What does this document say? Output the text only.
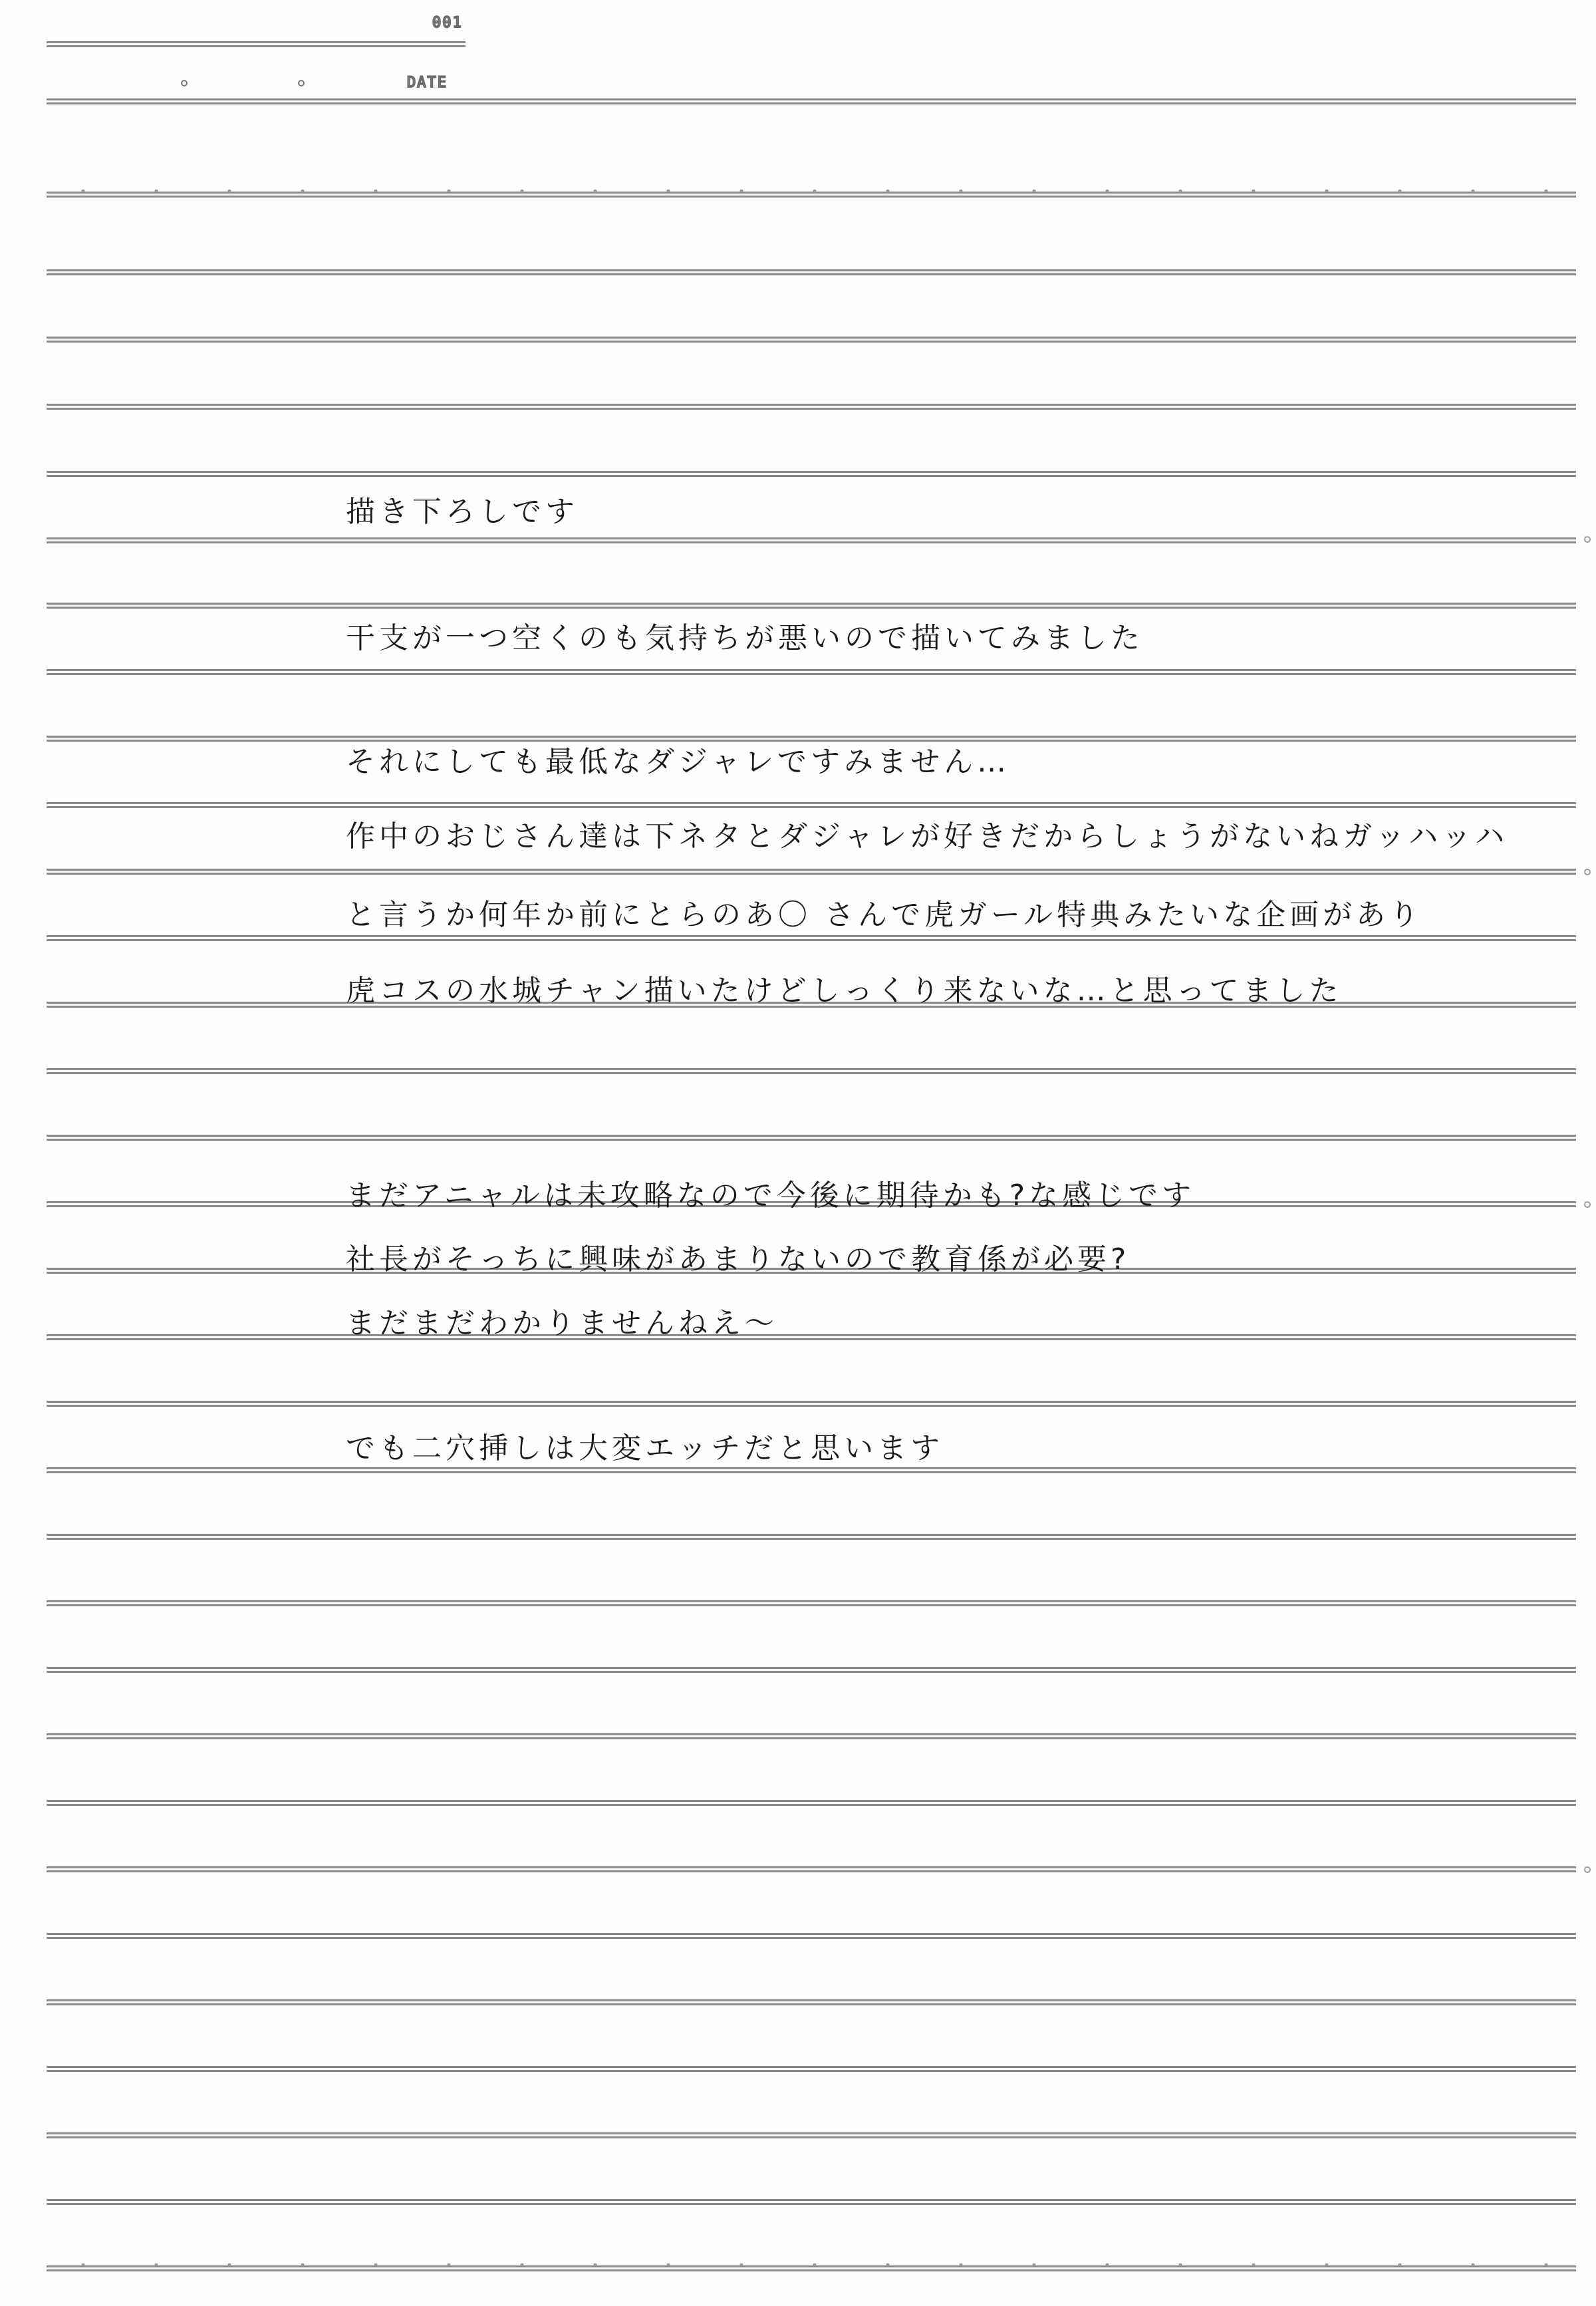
001
DATE
描き下ろしです
干支が一つ空くのも気持ちが悪いので描いてみました
それにしても最低なダジャレですみません…
作中のおじさん達は下ネタとダジャレが好きだからしょうがないねガッハッハ
と言うか何年か前にとらのあ〇 さんで虎ガール特典みたいな企画があり
虎コスの水城チャン描いたけどしっくり来ないな…と思ってました
まだアニャルは未攻略なので今後に期待かも?な感じです
社長がそっちに興味があまりないので教育係が必要?
まだまだわかりませんねえ〜
でも二穴挿しは大変エッチだと思います
